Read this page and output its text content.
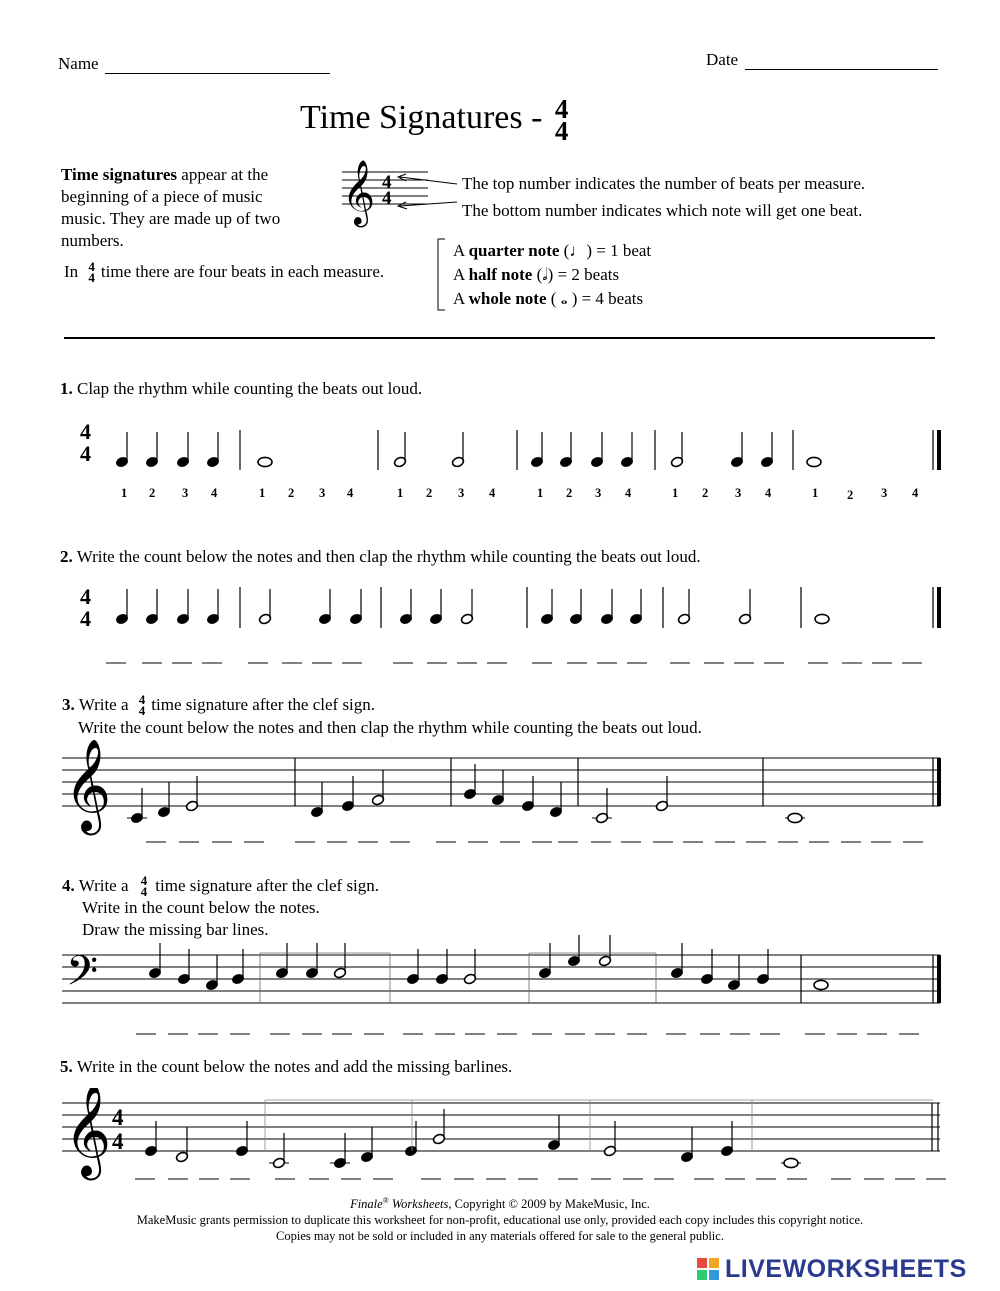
Name	Date
Time Signatures - 4
4
Time signatures appear at the
beginning of a piece of music
music. They are made up of two
numbers.
In 4
4 time there are four beats in each measure.
𝄞 4
4
The top number indicates the number of beats per measure.
The bottom number indicates which note will get one beat.
A quarter note (♩) = 1 beat
A half note (𝅗𝅥) = 2 beats
A whole note ( 𝅝 ) = 4 beats
1. Clap the rhythm while counting the beats out loud.
4
4
1 2 3 4	1 2 3 4	1 2 3 4	1 2 3 4	1 2 3 4	1 2 3 4
2. Write the count below the notes and then clap the rhythm while counting the beats out loud.
4
4
3. Write a 4
4 time signature after the clef sign.
Write the count below the notes and then clap the rhythm while counting the beats out loud.
𝄞
4. Write a 4
4 time signature after the clef sign.
Write in the count below the notes.
Draw the missing bar lines.
𝄢
5. Write in the count below the notes and add the missing barlines.
𝄞 4
4
Finale® Worksheets, Copyright © 2009 by MakeMusic, Inc.
MakeMusic grants permission to duplicate this worksheet for non-profit, educational use only, provided each copy includes this copyright notice.
Copies may not be sold or included in any materials offered for sale to the general public.
LIVEWORKSHEETS
